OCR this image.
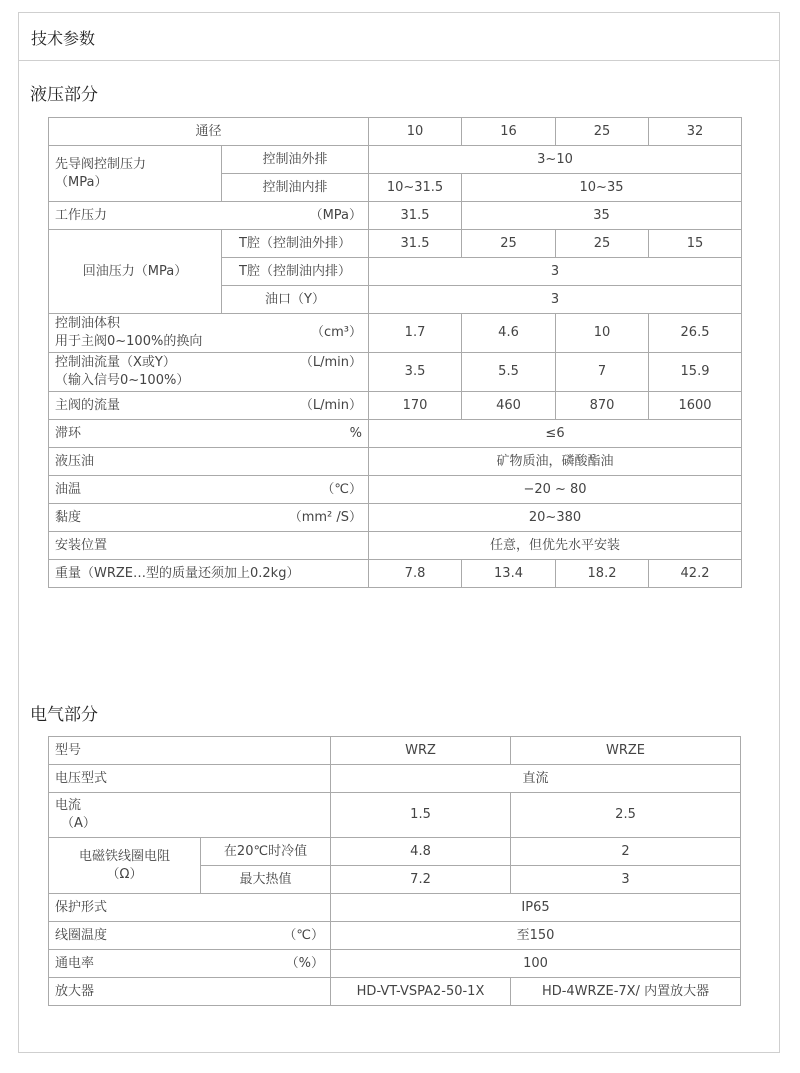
技术参数
液压部分
通径		10	16	25	32

先导阀控制压力
（MPa）	控制油外排	3~10			
	控制油内排	10~31.5	10~35		
工作压力 （MPa）		31.5	35		
回油压力（MPa）	T腔（控制油外排）	31.5	25	25	15
	T腔（控制油内排）	3			
	油口（Y）	3			

（cm³）
控制油体积
用于主阀0~100%的换向		1.7	4.6	10	26.5

（L/min）
控制油流量（X或Y）
（输入信号0~100%）		3.5	5.5	7	15.9
主阀的流量 （L/min）		170	460	870	1600
滞环 %		≤6			
液压油		矿物质油，磷酸酯油			
油温 （℃）		−20 ~ 80			
黏度 （mm² /S）		20~380			
安装位置		任意，但优先水平安装			
重量（WRZE…型的质量还须加上0.2kg）		7.8	13.4	18.2	42.2
电气部分
型号		WRZ	WRZE
电压型式		直流	

电流
（A）		1.5	2.5

电磁铁线圈电阻
（Ω）	在20℃时冷值	4.8	2
	最大热值	7.2	3
保护形式		IP65	
线圈温度 （℃）		至150	
通电率 （%）		100	
放大器		HD-VT-VSPA2-50-1X	HD-4WRZE-7X/ 内置放大器
